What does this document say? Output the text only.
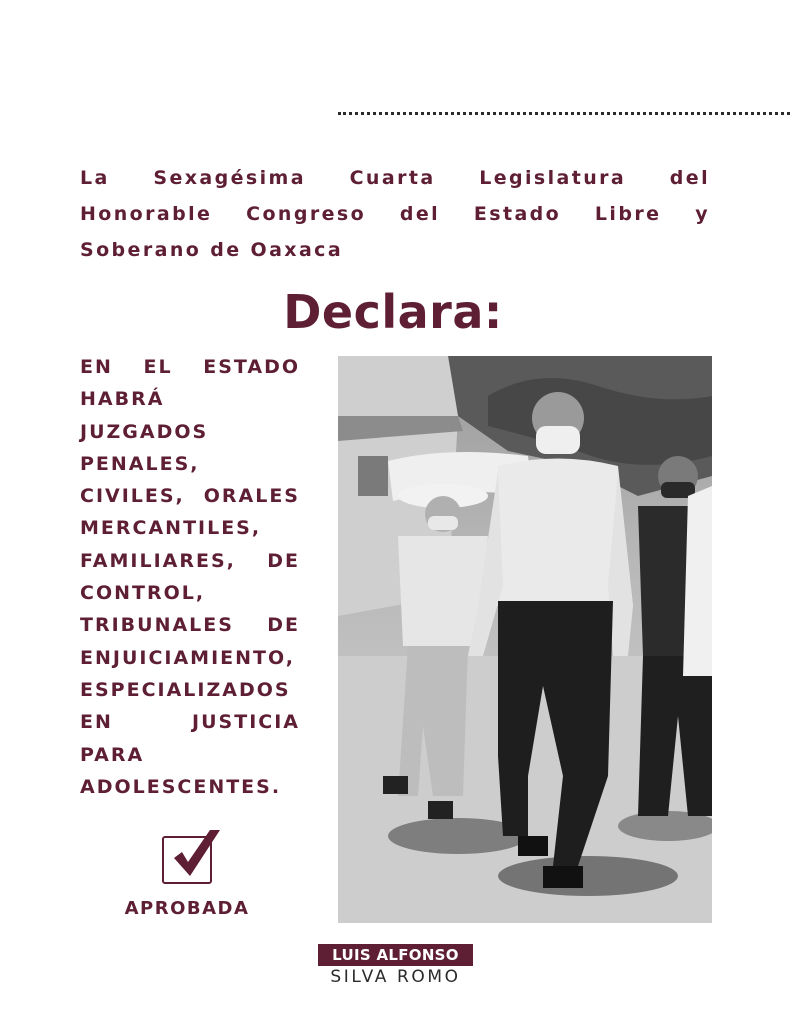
La Sexagésima Cuarta Legislatura del Honorable Congreso del Estado Libre y Soberano de Oaxaca
Declara:
EN EL ESTADO HABRÁ JUZGADOS PENALES, CIVILES, ORALES MERCANTILES, FAMILIARES, DE CONTROL, TRIBUNALES DE ENJUICIAMIENTO, ESPECIALIZADOS EN JUSTICIA PARA ADOLESCENTES.
APROBADA
LUIS ALFONSO
SILVA ROMO
